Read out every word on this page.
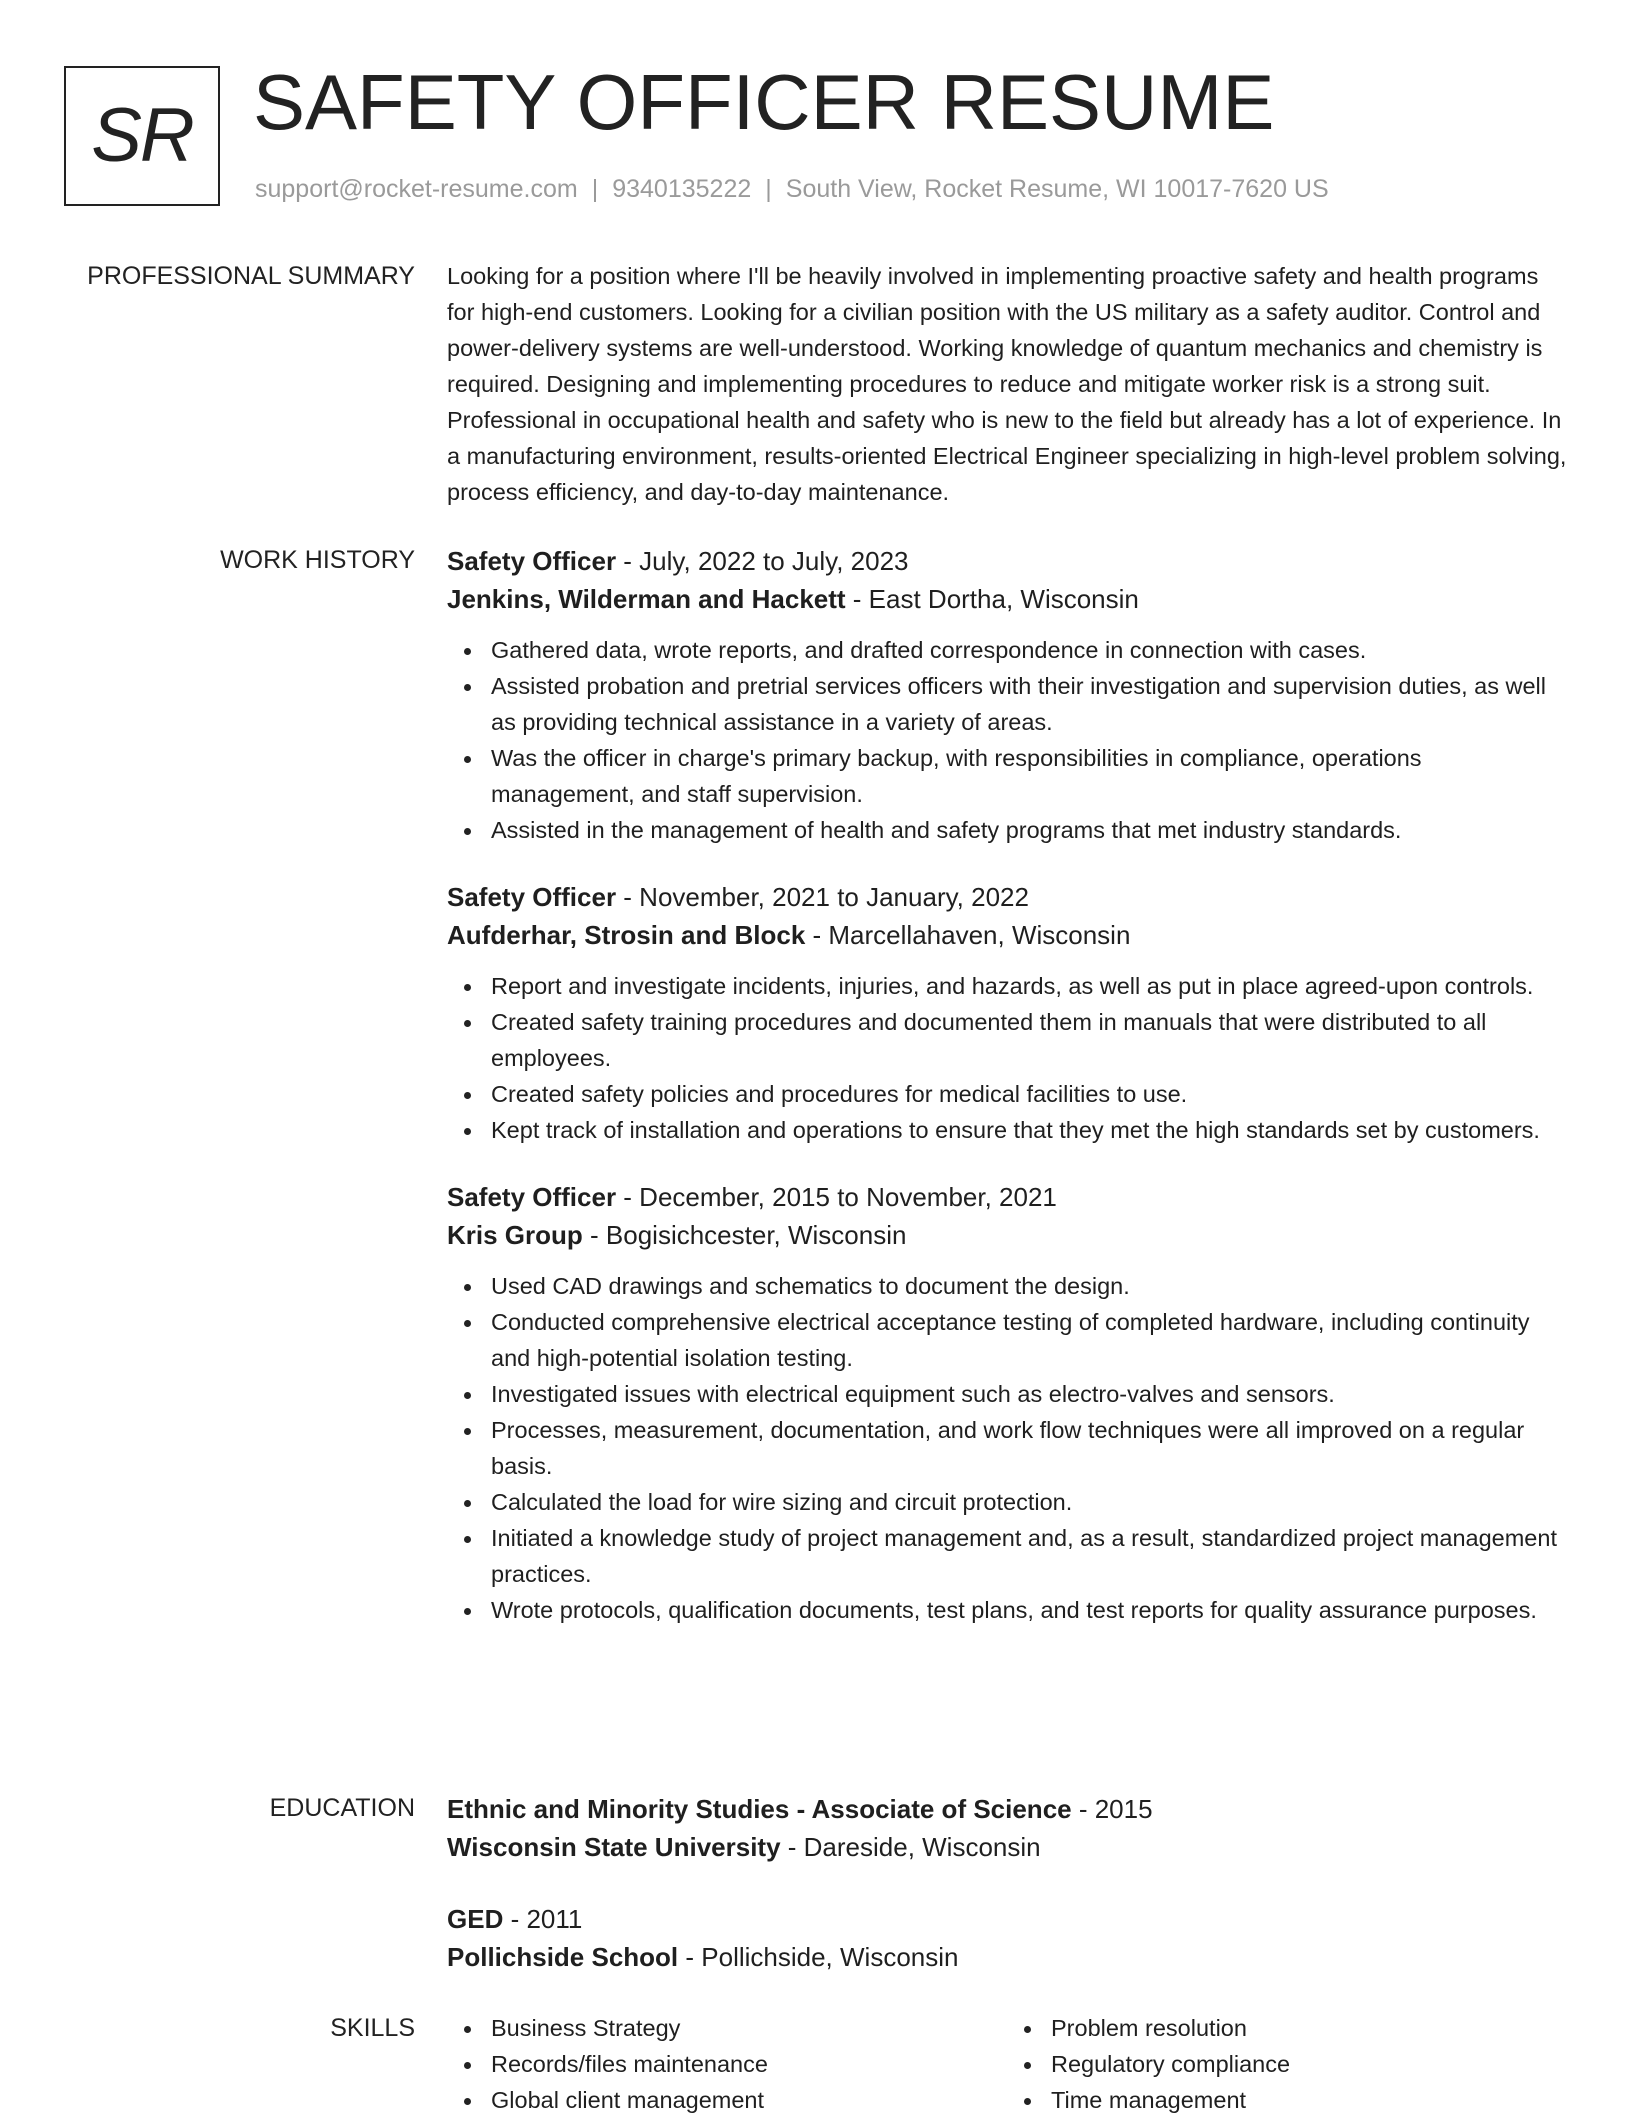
SR SAFETY OFFICER RESUME
support@rocket-resume.com | 9340135222 | South View, Rocket Resume, WI 10017-7620 US
PROFESSIONAL SUMMARY Looking for a position where I'll be heavily involved in implementing proactive safety and health programs for high-end customers. Looking for a civilian position with the US military as a safety auditor. Control and power-delivery systems are well-understood. Working knowledge of quantum mechanics and chemistry is required. Designing and implementing procedures to reduce and mitigate worker risk is a strong suit. Professional in occupational health and safety who is new to the field but already has a lot of experience. In a manufacturing environment, results-oriented Electrical Engineer specializing in high-level problem solving, process efficiency, and day-to-day maintenance.

WORK HISTORY Safety Officer - July, 2022 to July, 2023
Jenkins, Wilderman and Hackett - East Dortha, Wisconsin
Gathered data, wrote reports, and drafted correspondence in connection with cases.
Assisted probation and pretrial services officers with their investigation and supervision duties, as well as providing technical assistance in a variety of areas.
Was the officer in charge's primary backup, with responsibilities in compliance, operations management, and staff supervision.
Assisted in the management of health and safety programs that met industry standards.
Safety Officer - November, 2021 to January, 2022
Aufderhar, Strosin and Block - Marcellahaven, Wisconsin
Report and investigate incidents, injuries, and hazards, as well as put in place agreed-upon controls.
Created safety training procedures and documented them in manuals that were distributed to all employees.
Created safety policies and procedures for medical facilities to use.
Kept track of installation and operations to ensure that they met the high standards set by customers.
Safety Officer - December, 2015 to November, 2021
Kris Group - Bogisichcester, Wisconsin
Used CAD drawings and schematics to document the design.
Conducted comprehensive electrical acceptance testing of completed hardware, including continuity and high-potential isolation testing.
Investigated issues with electrical equipment such as electro-valves and sensors.
Processes, measurement, documentation, and work flow techniques were all improved on a regular basis.
Calculated the load for wire sizing and circuit protection.
Initiated a knowledge study of project management and, as a result, standardized project management practices.
Wrote protocols, qualification documents, test plans, and test reports for quality assurance purposes.
EDUCATION Ethnic and Minority Studies - Associate of Science - 2015
Wisconsin State University - Dareside, Wisconsin
GED - 2011
Pollichside School - Pollichside, Wisconsin
SKILLS	Business Strategy
Records/files maintenance
Global client management
Problem resolution
Regulatory compliance
Time management
